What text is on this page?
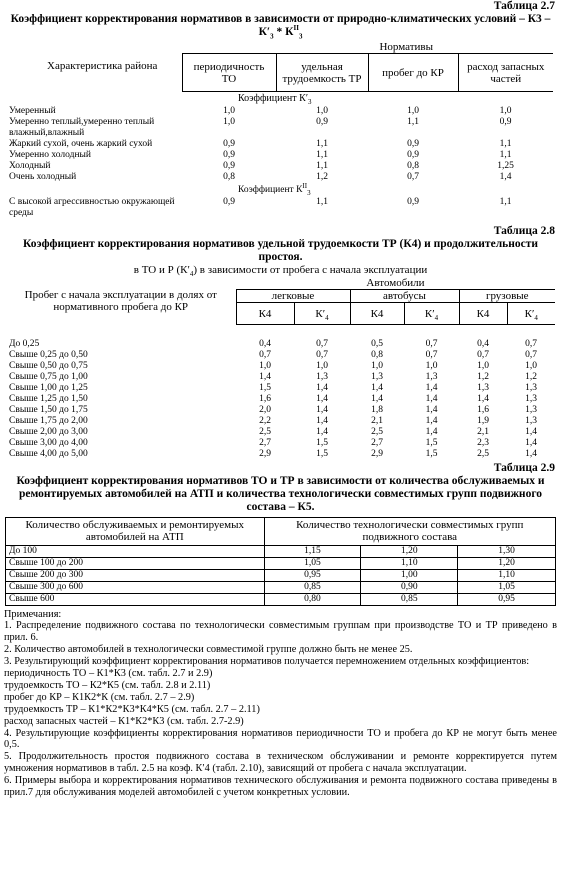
Таблица 2.7
Коэффициент корректирования нормативов в зависимости от природно-климатических условий – $К3 - К'_3 * К^{II}_3$
Характеристика района	Нормативы			
	периодичность ТО	удельная трудоемкость ТР	пробег до КР	расход запасных частей
Коэффициент $К'_3$
Умеренный	1,0	1,0	1,0	1,0
Умеренно теплый,умеренно теплый влажный,влажный	1,0	0,9	1,1	0,9
Жаркий сухой, очень жаркий сухой	0,9	1,1	0,9	1,1
Умеренно холодный	0,9	1,1	0,9	1,1
Холодный	0,9	1,1	0,8	1,25
Очень холодный	0,8	1,2	0,7	1,4
Коэффициент $К^{II}_3$
С высокой агрессивностью окружающей среды	0,9	1,1	0,9	1,1
Таблица 2.8
Коэффициент корректирования нормативов удельной трудоемкости ТР (К4) и продолжительности простоя.
в ТО и Р $(К'_4)$ в зависимости от пробега с начала эксплуатации
Пробег с начала эксплуатации в долях от нормативного пробега до КР	Автомобили					
	легковые		автобусы		грузовые	
	К4	$К'_4$	К4	$К'_4$	К4	$К'_4$

До 0,25	0,4	0,7	0,5	0,7	0,4	0,7
Свыше 0,25 до 0,50	0,7	0,7	0,8	0,7	0,7	0,7
Свыше 0,50 до 0,75	1,0	1,0	1,0	1,0	1,0	1,0
Свыше 0,75 до 1,00	1,4	1,3	1,3	1,3	1,2	1,2
Свыше 1,00 до 1,25	1,5	1,4	1,4	1,4	1,3	1,3
Свыше 1,25 до 1,50	1,6	1,4	1,4	1,4	1,4	1,3
Свыше 1,50 до 1,75	2,0	1,4	1,8	1,4	1,6	1,3
Свыше 1,75 до 2,00	2,2	1,4	2,1	1,4	1,9	1,3
Свыше 2,00 до 3,00	2,5	1,4	2,5	1,4	2,1	1,4
Свыше 3,00 до 4,00	2,7	1,5	2,7	1,5	2,3	1,4
Свыше 4,00 до 5,00	2,9	1,5	2,9	1,5	2,5	1,4
Таблица 2.9
Коэффициент корректирования нормативов ТО и ТР в зависимости от количества обслуживаемых и ремонтируемых автомобилей на АТП и количества технологически совместимых групп подвижного состава – К5.
Количество обслуживаемых и ремонтируемых автомобилей на АТП	Количество технологически совместимых групп подвижного состава		
До 100	1,15	1,20	1,30
Свыше 100 до 200	1,05	1,10	1,20
Свыше 200 до 300	0,95	1,00	1,10
Свыше 300 до 600	0,85	0,90	1,05
Свыше 600	0,80	0,85	0,95

Примечания:

1. Распределение подвижного состава по технологически совместимым группам при производстве ТО и ТР приведено в прил. 6.

2. Количество автомобилей в технологически совместимой группе должно быть не менее 25.

3. Результирующий коэффициент корректирования нормативов получается перемножением отдельных коэффициентов:

периодичность ТО – К1*К3 (см. табл. 2.7 и 2.9)

трудоемкость ТО – К2*К5 (см. табл. 2.8 и 2.11)

пробег до КР – К1К2*К (см. табл. 2.7 – 2.9)

трудоемкость ТР – К1*К2*К3*К4*К5 (см. табл. 2.7 – 2.11)

расход запасных частей – К1*К2*К3 (см. табл. 2.7-2.9)

4. Результирующие коэффициенты корректирования нормативов периодичности ТО и пробега до КР не могут быть менее 0,5.

5. Продолжительность простоя подвижного состава в техническом обслуживании и ремонте корректируется путем умножения нормативов в табл. 2.5 на коэф. К′4 (табл. 2.10), зависящий от пробега с начала эксплуатации.

6. Примеры выбора и корректирования нормативов технического обслуживания и ремонта подвижного состава приведены в прил.7 для обслуживания моделей автомобилей с учетом конкретных условии.
